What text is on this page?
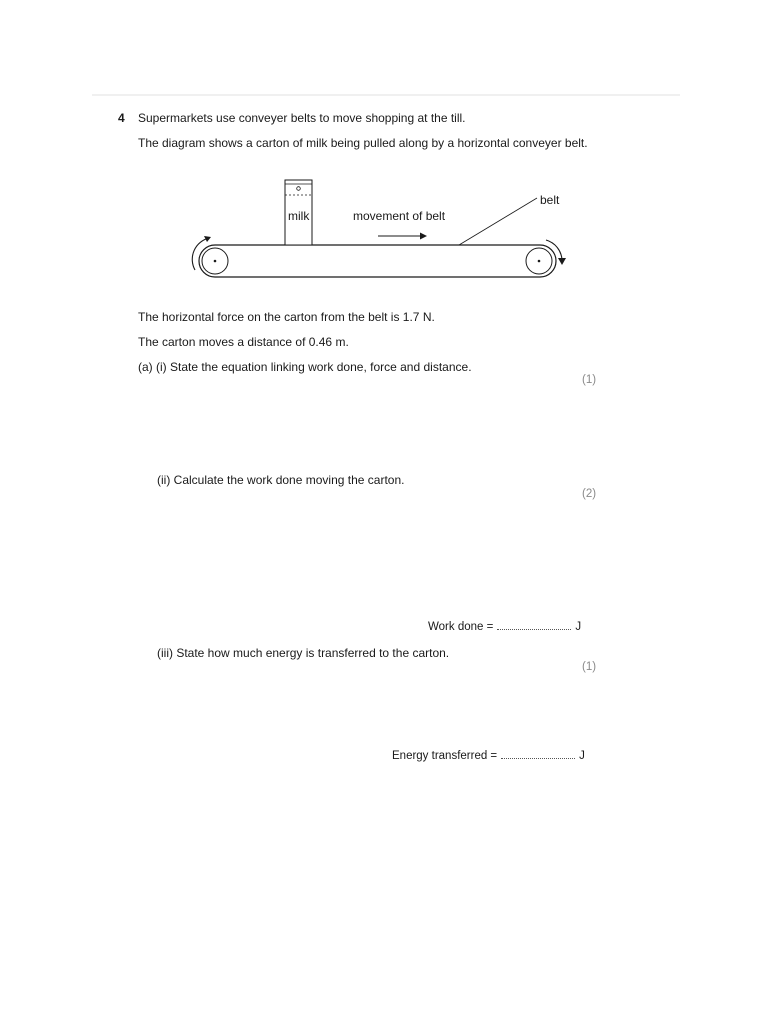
4 Supermarkets use conveyer belts to move shopping at the till.
The diagram shows a carton of milk being pulled along by a horizontal conveyer belt.
milk	movement of belt
belt
The horizontal force on the carton from the belt is 1.7 N.
The carton moves a distance of 0.46 m.
(a) (i) State the equation linking work done, force and distance.
(1)
(ii) Calculate the work done moving the carton.
(2)
Work done =	J
(iii) State how much energy is transferred to the carton.
(1)
Energy transferred =	J
